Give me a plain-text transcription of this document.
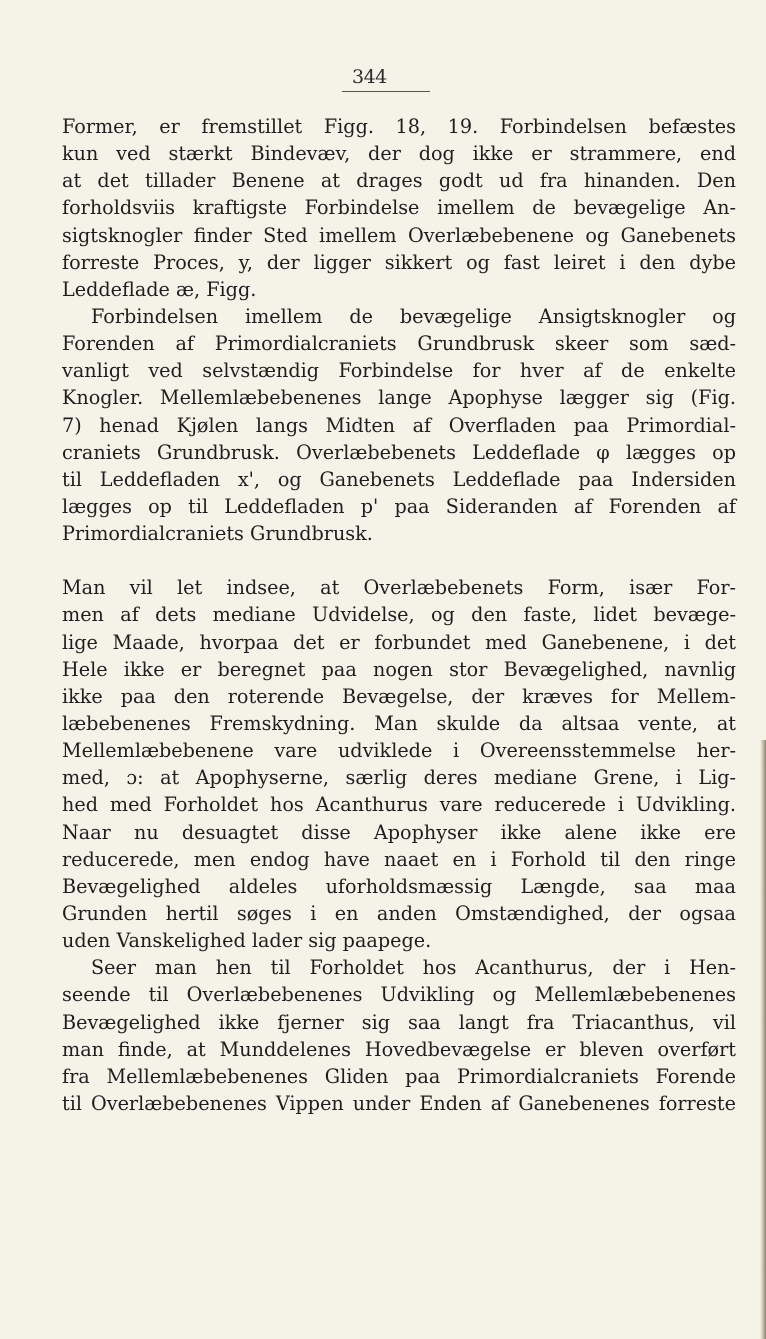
344
Former, er fremstillet Figg. 18, 19. Forbindelsen befæstes
kun ved stærkt Bindevæv, der dog ikke er strammere, end
at det tillader Benene at drages godt ud fra hinanden. Den
forholdsviis kraftigste Forbindelse imellem de bevægelige An-
sigtsknogler finder Sted imellem Overlæbebenene og Ganebenets
forreste Proces, y, der ligger sikkert og fast leiret i den dybe
Leddeflade æ, Figg.
Forbindelsen imellem de bevægelige Ansigtsknogler og
Forenden af Primordialcraniets Grundbrusk skeer som sæd-
vanligt ved selvstændig Forbindelse for hver af de enkelte
Knogler. Mellemlæbebenenes lange Apophyse lægger sig (Fig.
7) henad Kjølen langs Midten af Overfladen paa Primordial-
craniets Grundbrusk. Overlæbebenets Leddeflade φ lægges op
til Leddefladen x', og Ganebenets Leddeflade paa Indersiden
lægges op til Leddefladen p' paa Sideranden af Forenden af
Primordialcraniets Grundbrusk.
Man vil let indsee, at Overlæbebenets Form, især For-
men af dets mediane Udvidelse, og den faste, lidet bevæge-
lige Maade, hvorpaa det er forbundet med Ganebenene, i det
Hele ikke er beregnet paa nogen stor Bevægelighed, navnlig
ikke paa den roterende Bevægelse, der kræves for Mellem-
læbebenenes Fremskydning. Man skulde da altsaa vente, at
Mellemlæbebenene vare udviklede i Overeensstemmelse her-
med, ɔ: at Apophyserne, særlig deres mediane Grene, i Lig-
hed med Forholdet hos Acanthurus vare reducerede i Udvikling.
Naar nu desuagtet disse Apophyser ikke alene ikke ere
reducerede, men endog have naaet en i Forhold til den ringe
Bevægelighed aldeles uforholdsmæssig Længde, saa maa
Grunden hertil søges i en anden Omstændighed, der ogsaa
uden Vanskelighed lader sig paapege.
Seer man hen til Forholdet hos Acanthurus, der i Hen-
seende til Overlæbebenenes Udvikling og Mellemlæbebenenes
Bevægelighed ikke fjerner sig saa langt fra Triacanthus, vil
man finde, at Munddelenes Hovedbevægelse er bleven overført
fra Mellemlæbebenenes Gliden paa Primordialcraniets Forende
til Overlæbebenenes Vippen under Enden af Ganebenenes forreste
